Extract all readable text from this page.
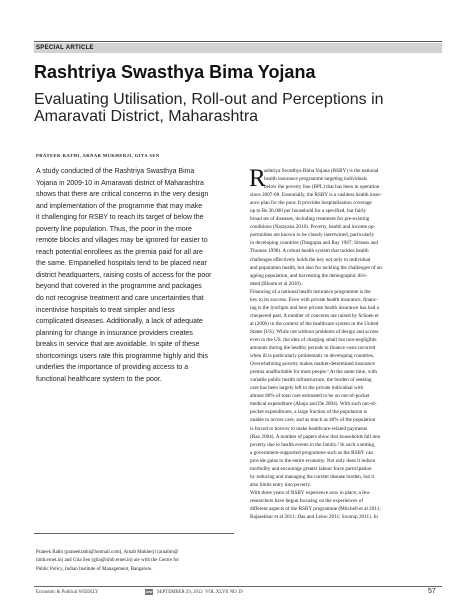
SPECIAL ARTICLE
Rashtriya Swasthya Bima Yojana
Evaluating Utilisation, Roll-out and Perceptions in
Amaravati District, Maharashtra
PRATEEK RATHI, ARNAB MUKHERJI, GITA SEN
A study conducted of the Rashtriya Swasthya Bima
Yojana in 2009-10 in Amaravati district of Maharashtra
shows that there are critical concerns in the very design
and implementation of the programme that may make
it challenging for RSBY to reach its target of below the
poverty line population. Thus, the poor in the more
remote blocks and villages may be ignored for easier to
reach potential enrollees as the premia paid for all are
the same. Empanelled hospitals tend to be placed near
district headquarters, raising costs of access for the poor
beyond that covered in the programme and packages
do not recognise treatment and care uncertainties that
incentivise hospitals to treat simpler and less
complicated diseases. Additionally, a lack of adequate
planning for change in insurance providers creates
breaks in service that are avoidable. In spite of these
shortcomings users rate this programme highly and this
underlies the importance of providing access to a
functional healthcare system to the poor.
Prateek Rathi (prateekrathi@hotmail.com), Arnab Mukherji (arnabm@
iimb.ernet.in) and Gita Sen (gita@iimb.ernet.in) are with the Centre for
Public Policy, Indian Institute of Management, Bangalore.
R
ashtriya Swasthya Bima Yojana (RSBY) is the national
health insurance programme targeting individuals
below the poverty line (BPL) that has been in operation
since 2007-08. Essentially, the RSBY is a cashless health insur-
ance plan for the poor. It provides hospitalisation coverage
up to Rs 30,000 per household for a specified, but fairly
broad set of diseases, including treatment for pre-existing
conditions (Narayana 2010). Poverty, health and income op-
portunities are known to be closely intertwined, particularly
in developing countries (Dasgupta and Ray 1987; Strauss and
Thomas 1998). A robust health system that tackles health
challenges effectively holds the key not only to individual
and population health, but also for tackling the challenges of an
ageing population, and harvesting the demographic divi-
dend (Bloom et al 2010).
Financing of a national health insurance programme is the
key to its success. Even with private health insurance, financ-
ing is the lynchpin and here private health insurance has had a
chequered past. A number of concerns are raised by Schoen et
al (2006) in the context of the healthcare system in the United
States (US). While not without problems of design and access
even in the US, the idea of charging small but non-negligible
amounts during the healthy periods to finance costs incurred
when ill is particularly problematic in developing countries.
Overwhelming poverty makes market-determined insurance
premia unaffordable for most people.¹ At the same time, with
variable public health infrastructure, the burden of seeking
care has been largely left to the private individual with
almost 80% of total care estimated to be on out-of-pocket
medical expenditure (Ahuja and De 2004). With such out-of-
pocket expenditures, a large fraction of the population is
unable to access care, and as much as 40% of the population
is forced to borrow to make healthcare-related payments
(Rao 2004). A number of papers show that households fall into
poverty due to health events in the family.² In such a setting,
a government-supported programme such as the RSBY can
provide gains to the entire economy. Not only does it reduce
morbidity and encourage greater labour force participation
by reducing and managing the current disease burden, but it
also limits entry into poverty.
With three years of RSBY experience now in place, a few
researchers have begun focusing on the experiences of
different aspects of the RSBY programme (Mitchell et al 2011;
Rajasekhar et al 2011; Das and Leino 2011; Swarup 2011). In
Economic & Political WEEKLY	EPW SEPTEMBER 29, 2012 VOL XLVII NO 39	57
